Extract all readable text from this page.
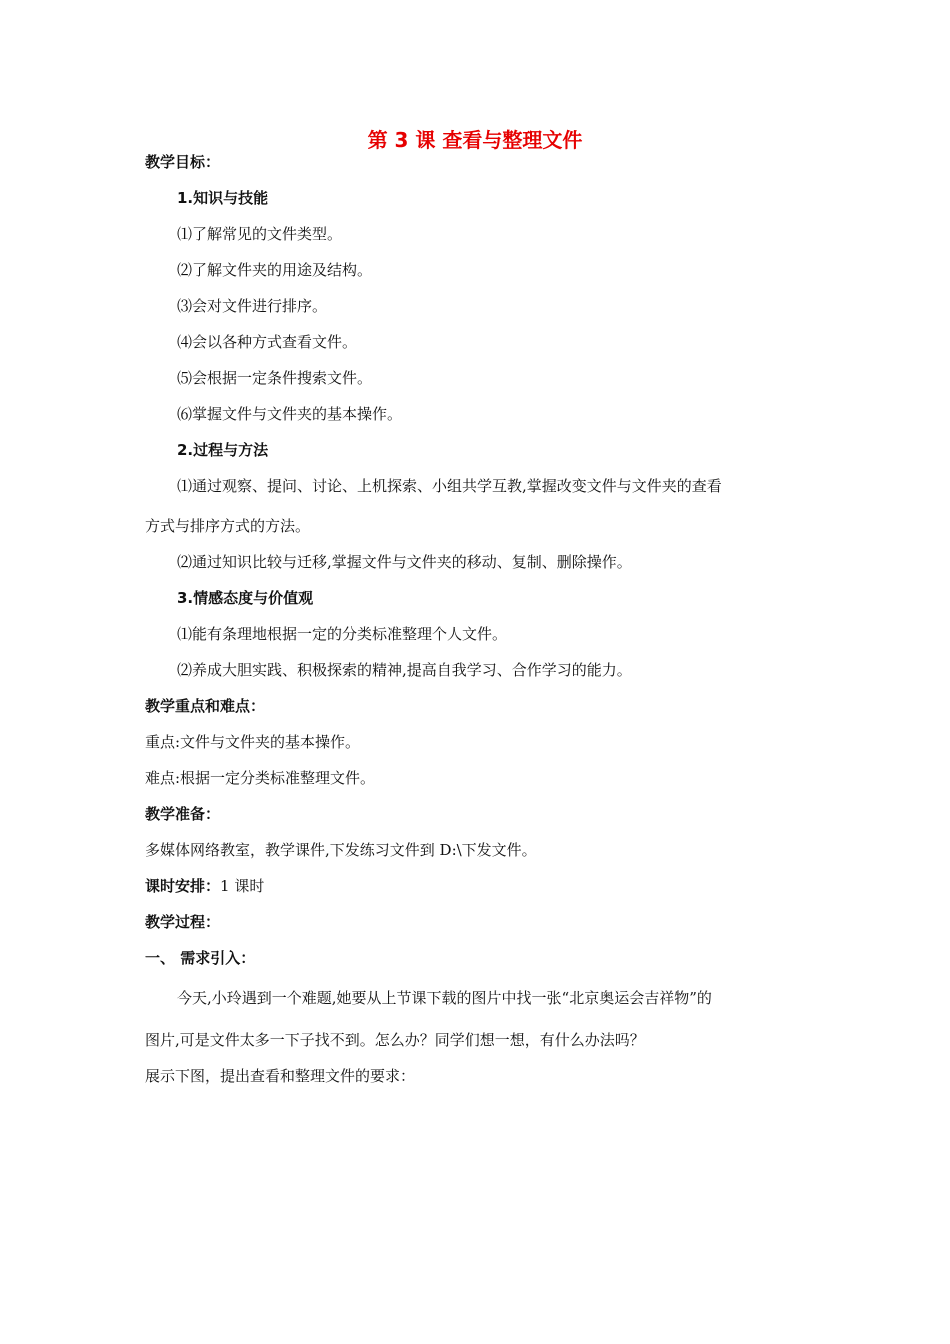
第 3 课 查看与整理文件

教学目标：

1.知识与技能

⑴了解常见的文件类型。

⑵了解文件夹的用途及结构。

⑶会对文件进行排序。

⑷会以各种方式查看文件。

⑸会根据一定条件搜索文件。

⑹掌握文件与文件夹的基本操作。

2.过程与方法

⑴通过观察、提问、讨论、上机探索、小组共学互教,掌握改变文件与文件夹的查看

方式与排序方式的方法。

⑵通过知识比较与迁移,掌握文件与文件夹的移动、复制、删除操作。

3.情感态度与价值观

⑴能有条理地根据一定的分类标准整理个人文件。

⑵养成大胆实践、积极探索的精神,提高自我学习、合作学习的能力。

教学重点和难点：

重点:文件与文件夹的基本操作。

难点:根据一定分类标准整理文件。

教学准备：

多媒体网络教室，教学课件,下发练习文件到 D:\下发文件。

课时安排：1 课时

教学过程：

一、 需求引入：

今天,小玲遇到一个难题,她要从上节课下载的图片中找一张“北京奥运会吉祥物”的

图片,可是文件太多一下子找不到。怎么办？同学们想一想，有什么办法吗？

展示下图，提出查看和整理文件的要求：
